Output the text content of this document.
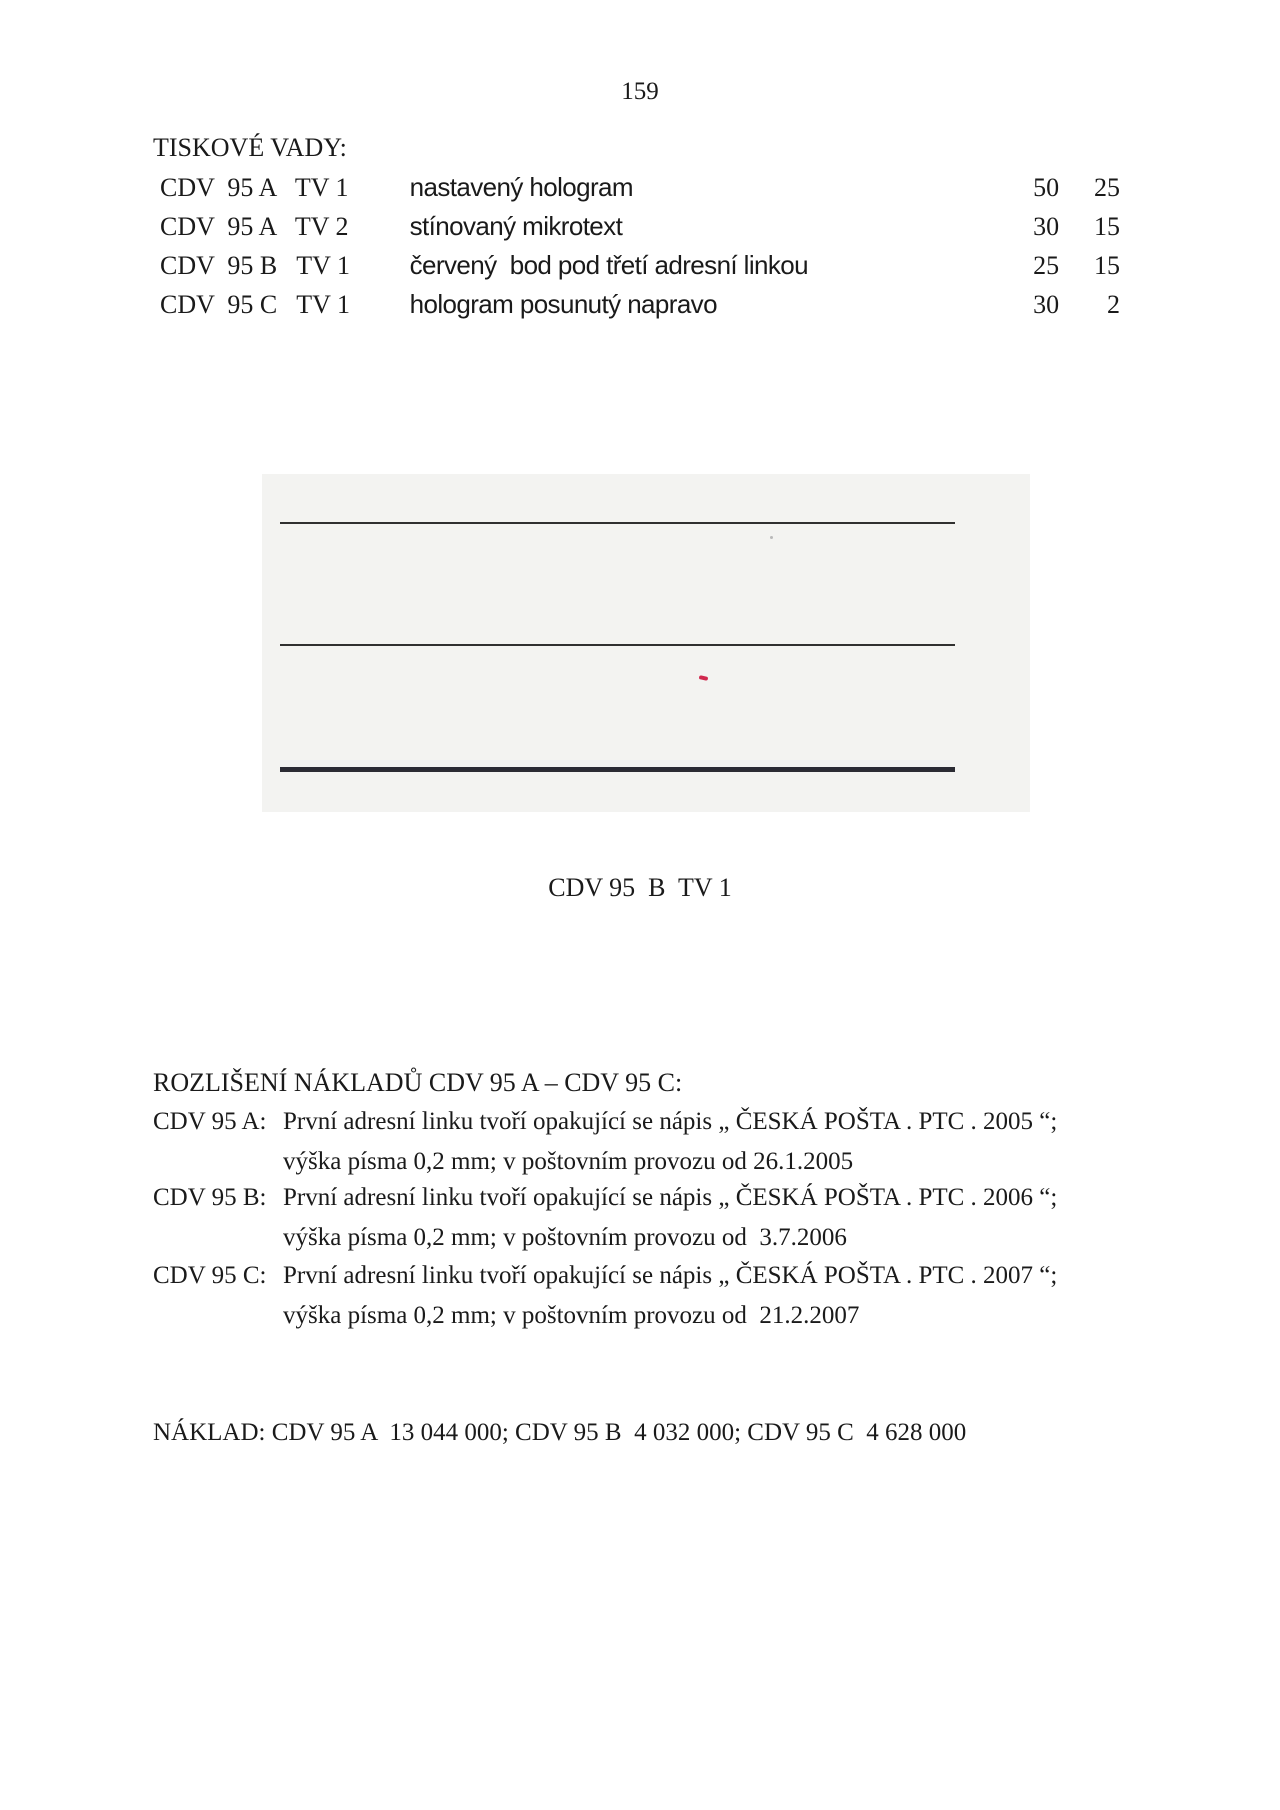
159
TISKOVÉ VADY:
CDV  95 A   TV 1	nastavený hologram	50	25
CDV  95 A   TV 2	stínovaný mikrotext	30	15
CDV  95 B   TV 1	červený  bod pod třetí adresní linkou	25	15
CDV  95 C   TV 1	hologram posunutý napravo	30	2
CDV 95  B  TV 1
ROZLIŠENÍ NÁKLADŮ CDV 95 A – CDV 95 C:
CDV 95 A: První adresní linku tvoří opakující se nápis „ ČESKÁ POŠTA . PTC . 2005 “;
výška písma 0,2 mm; v poštovním provozu od 26.1.2005
CDV 95 B: První adresní linku tvoří opakující se nápis „ ČESKÁ POŠTA . PTC . 2006 “;
výška písma 0,2 mm; v poštovním provozu od  3.7.2006
CDV 95 C: První adresní linku tvoří opakující se nápis „ ČESKÁ POŠTA . PTC . 2007 “;
výška písma 0,2 mm; v poštovním provozu od  21.2.2007
NÁKLAD: CDV 95 A  13 044 000; CDV 95 B  4 032 000; CDV 95 C  4 628 000
